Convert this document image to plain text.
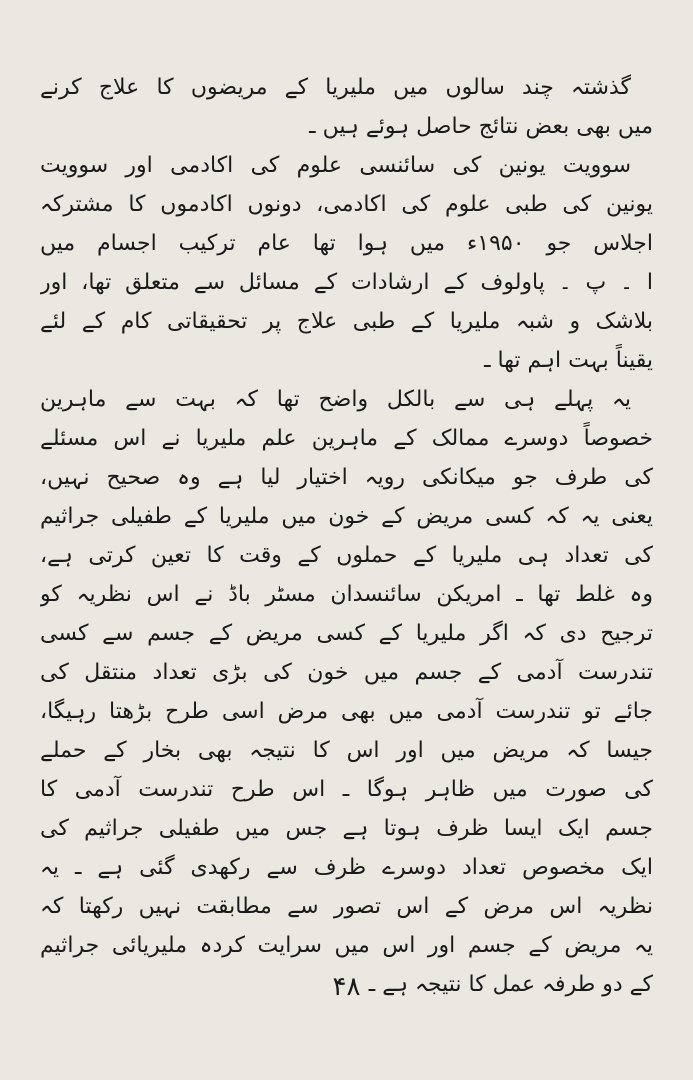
گذشتہ چند سالوں میں ملیریا کے مریضوں کا علاج کرنے
میں بھی بعض نتائج حاصل ہوئے ہیں ـ
سوویت یونین کی سائنسی علوم کی اکادمی اور سوویت
یونین کی طبی علوم کی اکادمی، دونوں اکادموں کا مشترکہ
اجلاس جو ۱۹۵۰ء میں ہوا تھا عام ترکیب اجسام میں
ا ۔ پ ۔ پاولوف کے ارشادات کے مسائل سے متعلق تھا، اور
بلاشک و شبہ ملیریا کے طبی علاج پر تحقیقاتی کام کے لئے
یقیناً بہت اہم تھا ـ
یہ پہلے ہی سے بالکل واضح تھا کہ بہت سے ماہرین
خصوصاً دوسرے ممالک کے ماہرین علم ملیریا نے اس مسئلے
کی طرف جو میکانکی رویہ اختیار لیا ہے وہ صحیح نہیں،
یعنی یہ کہ کسی مریض کے خون میں ملیریا کے طفیلی جراثیم
کی تعداد ہی ملیریا کے حملوں کے وقت کا تعین کرتی ہے،
وہ غلط تھا ـ امریکن سائنسدان مسٹر باڈ نے اس نظریہ کو
ترجیح دی کہ اگر ملیریا کے کسی مریض کے جسم سے کسی
تندرست آدمی کے جسم میں خون کی بڑی تعداد منتقل کی
جائے تو تندرست آدمی میں بھی مرض اسی طرح بڑھتا رہیگا،
جیسا کہ مریض میں اور اس کا نتیجہ بھی بخار کے حملے
کی صورت میں ظاہر ہوگا ـ اس طرح تندرست آدمی کا
جسم ایک ایسا ظرف ہوتا ہے جس میں طفیلی جراثیم کی
ایک مخصوص تعداد دوسرے ظرف سے رکھدی گئی ہے ـ یہ
نظریہ اس مرض کے اس تصور سے مطابقت نہیں رکھتا کہ
یہ مریض کے جسم اور اس میں سرایت کردہ ملیریائی جراثیم
کے دو طرفہ عمل کا نتیجہ ہے ـ
۴۸
